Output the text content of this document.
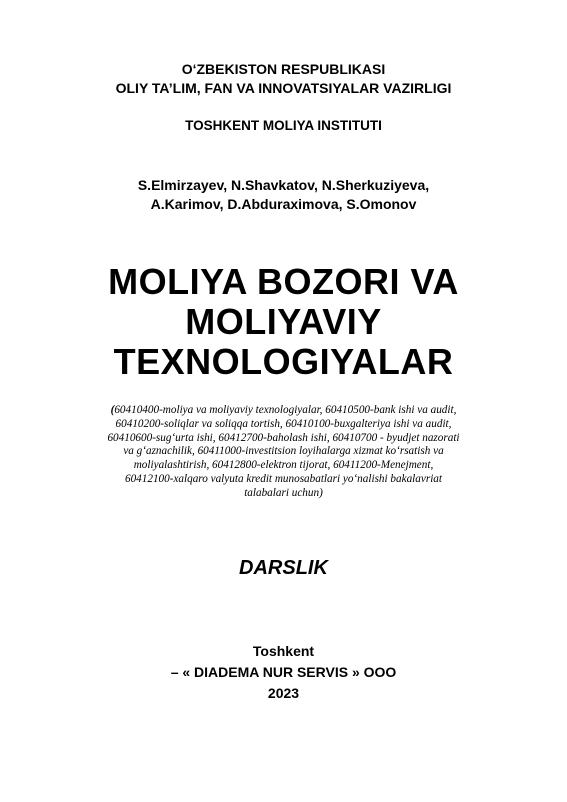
O‘ZBEKISTON RESPUBLIKASI
OLIY TA’LIM, FAN VA INNOVATSIYALAR VAZIRLIGI
TOSHKENT MOLIYA INSTITUTI
S.Elmirzayev, N.Shavkatov, N.Sherkuziyeva,
A.Karimov, D.Abduraximova, S.Omonov
MOLIYA BOZORI VA
MOLIYAVIY
TEXNOLOGIYALAR
(60410400-moliya va moliyaviy texnologiyalar, 60410500-bank ishi va audit,
60410200-soliqlar va soliqqa tortish, 60410100-buxgalteriya ishi va audit,
60410600-sug‘urta ishi, 60412700-baholash ishi, 60410700 - byudjet nazorati
va g‘aznachilik, 60411000-investitsion loyihalarga xizmat ko‘rsatish va
moliyalashtirish, 60412800-elektron tijorat, 60411200-Menejment,
60412100-xalqaro valyuta kredit munosabatlari yo‘nalishi bakalavriat
talabalari uchun)
DARSLIK
Toshkent
– « DIADEMA NUR SERVIS » OOO
2023
